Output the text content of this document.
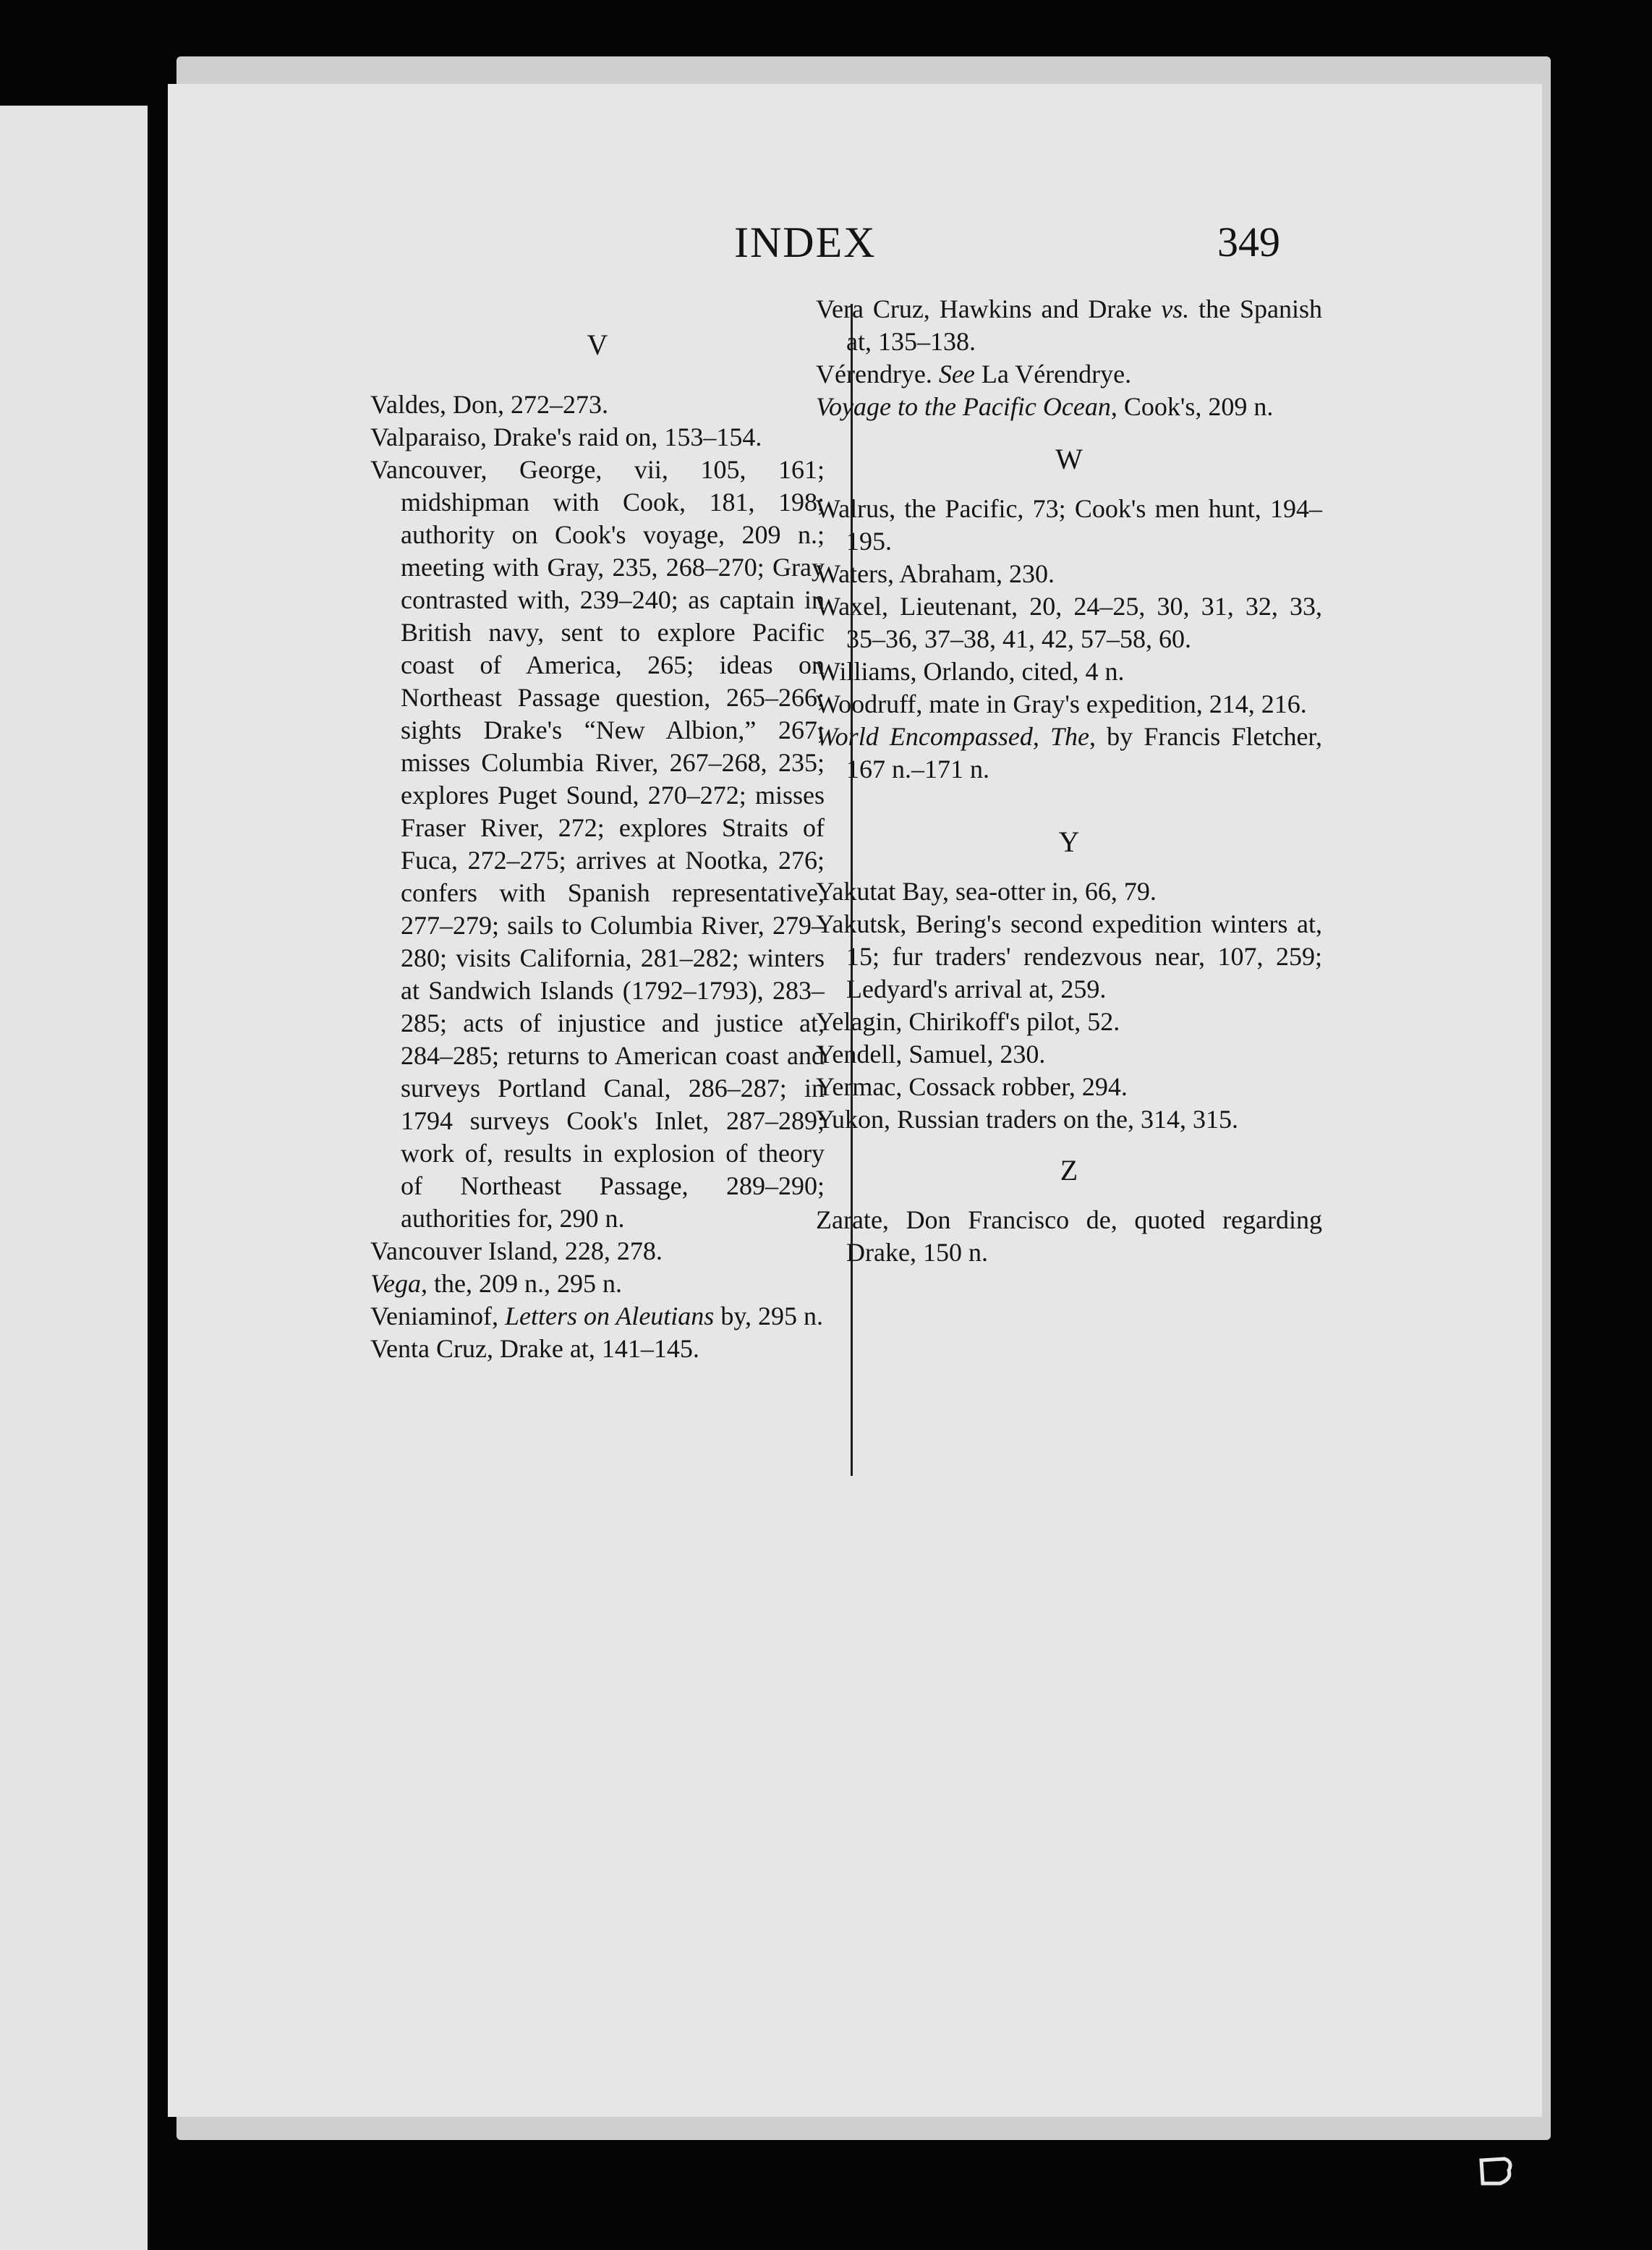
INDEX	349
V
Valdes, Don, 272–273.
Valparaiso, Drake's raid on, 153–154.
Vancouver, George, vii, 105, 161; midshipman with Cook, 181, 198; authority on Cook's voyage, 209 n.; meeting with Gray, 235, 268–270; Gray contrasted with, 239–240; as captain in British navy, sent to explore Pacific coast of America, 265; ideas on Northeast Passage question, 265–266; sights Drake's “New Albion,” 267; misses Columbia River, 267–268, 235; explores Puget Sound, 270–272; misses Fraser River, 272; explores Straits of Fuca, 272–275; arrives at Nootka, 276; confers with Spanish representative, 277–279; sails to Columbia River, 279–280; visits California, 281–282; winters at Sandwich Islands (1792–1793), 283–285; acts of injustice and justice at, 284–285; returns to American coast and surveys Portland Canal, 286–287; in 1794 surveys Cook's Inlet, 287–289; work of, results in explosion of theory of Northeast Passage, 289–290; authorities for, 290 n.
Vancouver Island, 228, 278.
Vega, the, 209 n., 295 n.
Veniaminof, Letters on Aleutians by, 295 n.
Venta Cruz, Drake at, 141–145.
Vera Cruz, Hawkins and Drake vs. the Spanish at, 135–138.
Vérendrye. See La Vérendrye.
Voyage to the Pacific Ocean, Cook's, 209 n.
W
Walrus, the Pacific, 73; Cook's men hunt, 194–195.
Waters, Abraham, 230.
Waxel, Lieutenant, 20, 24–25, 30, 31, 32, 33, 35–36, 37–38, 41, 42, 57–58, 60.
Williams, Orlando, cited, 4 n.
Woodruff, mate in Gray's expedition, 214, 216.
World Encompassed, The, by Francis Fletcher, 167 n.–171 n.
Y
Yakutat Bay, sea-otter in, 66, 79.
Yakutsk, Bering's second expedition winters at, 15; fur traders' rendezvous near, 107, 259; Ledyard's arrival at, 259.
Yelagin, Chirikoff's pilot, 52.
Yendell, Samuel, 230.
Yermac, Cossack robber, 294.
Yukon, Russian traders on the, 314, 315.
Z
Zarate, Don Francisco de, quoted regarding Drake, 150 n.
